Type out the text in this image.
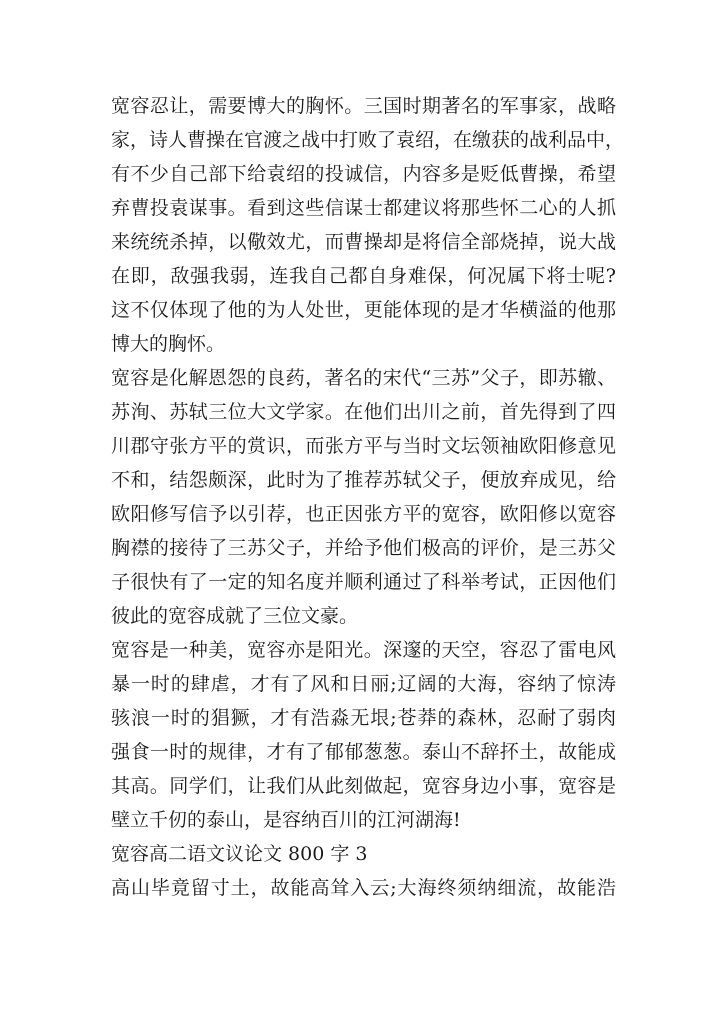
宽容忍让，需要博大的胸怀。三国时期著名的军事家，战略
家，诗人曹操在官渡之战中打败了袁绍，在缴获的战利品中，
有不少自己部下给袁绍的投诚信，内容多是贬低曹操，希望
弃曹投袁谋事。看到这些信谋士都建议将那些怀二心的人抓
来统统杀掉，以儆效尤，而曹操却是将信全部烧掉，说大战
在即，敌强我弱，连我自己都自身难保，何况属下将士呢?
这不仅体现了他的为人处世，更能体现的是才华横溢的他那
博大的胸怀。
宽容是化解恩怨的良药，著名的宋代“三苏”父子，即苏辙、
苏洵、苏轼三位大文学家。在他们出川之前，首先得到了四
川郡守张方平的赏识，而张方平与当时文坛领袖欧阳修意见
不和，结怨颇深，此时为了推荐苏轼父子，便放弃成见，给
欧阳修写信予以引荐，也正因张方平的宽容，欧阳修以宽容
胸襟的接待了三苏父子，并给予他们极高的评价，是三苏父
子很快有了一定的知名度并顺利通过了科举考试，正因他们
彼此的宽容成就了三位文豪。
宽容是一种美，宽容亦是阳光。深邃的天空，容忍了雷电风
暴一时的肆虐，才有了风和日丽;辽阔的大海，容纳了惊涛
骇浪一时的猖獗，才有浩淼无垠;苍莽的森林，忍耐了弱肉
强食一时的规律，才有了郁郁葱葱。泰山不辞抔土，故能成
其高。同学们，让我们从此刻做起，宽容身边小事，宽容是
壁立千仞的泰山，是容纳百川的江河湖海!
宽容高二语文议论文 800 字 3
高山毕竟留寸土，故能高耸入云;大海终须纳细流，故能浩
